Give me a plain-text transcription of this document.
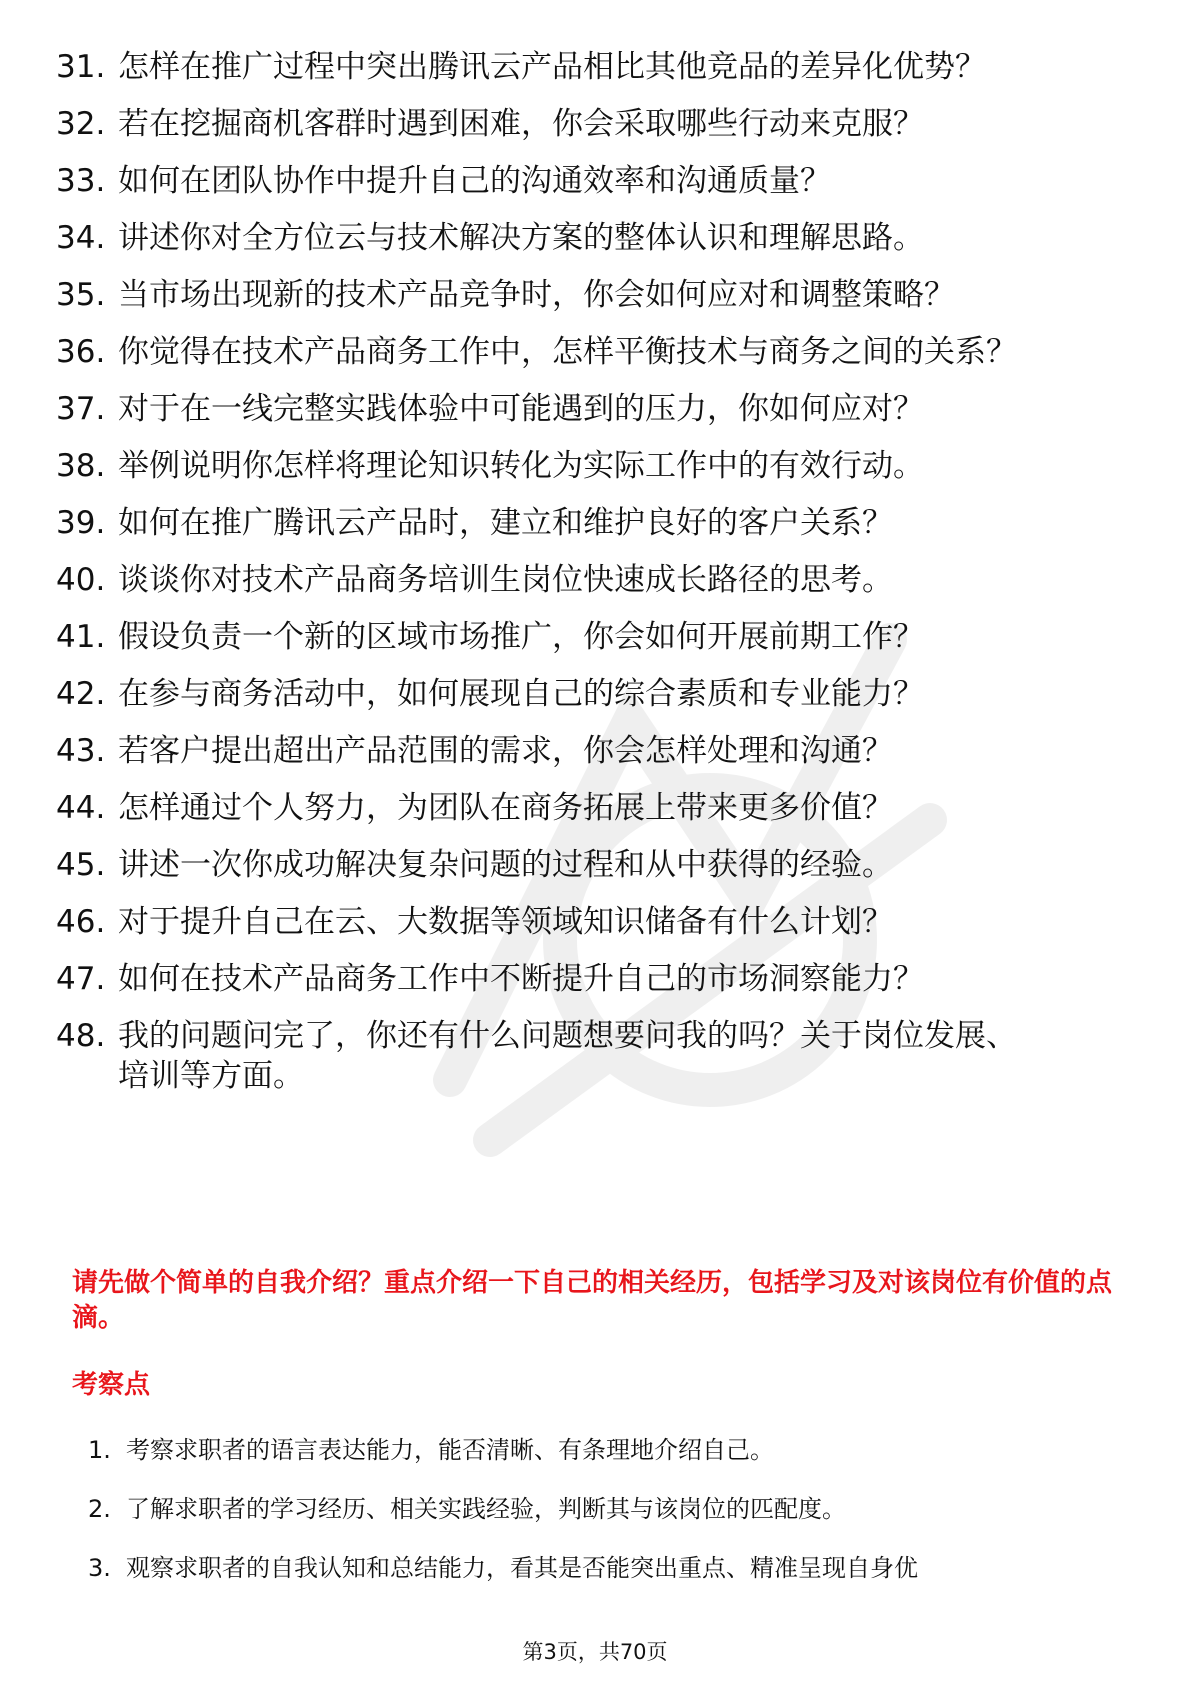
31. 怎样在推广过程中突出腾讯云产品相比其他竞品的差异化优势？
32. 若在挖掘商机客群时遇到困难，你会采取哪些行动来克服？
33. 如何在团队协作中提升自己的沟通效率和沟通质量？
34. 讲述你对全方位云与技术解决方案的整体认识和理解思路。
35. 当市场出现新的技术产品竞争时，你会如何应对和调整策略？
36. 你觉得在技术产品商务工作中，怎样平衡技术与商务之间的关系？
37. 对于在一线完整实践体验中可能遇到的压力，你如何应对？
38. 举例说明你怎样将理论知识转化为实际工作中的有效行动。
39. 如何在推广腾讯云产品时，建立和维护良好的客户关系？
40. 谈谈你对技术产品商务培训生岗位快速成长路径的思考。
41. 假设负责一个新的区域市场推广，你会如何开展前期工作？
42. 在参与商务活动中，如何展现自己的综合素质和专业能力？
43. 若客户提出超出产品范围的需求，你会怎样处理和沟通？
44. 怎样通过个人努力，为团队在商务拓展上带来更多价值？
45. 讲述一次你成功解决复杂问题的过程和从中获得的经验。
46. 对于提升自己在云、大数据等领域知识储备有什么计划？
47. 如何在技术产品商务工作中不断提升自己的市场洞察能力？
48. 我的问题问完了，你还有什么问题想要问我的吗？关于岗位发展、培训等方面。

请先做个简单的自我介绍？重点介绍一下自己的相关经历，包括学习及对该岗位有价值的点滴。

考察点

1. 考察求职者的语言表达能力，能否清晰、有条理地介绍自己。
2. 了解求职者的学习经历、相关实践经验，判断其与该岗位的匹配度。
3. 观察求职者的自我认知和总结能力，看其是否能突出重点、精准呈现自身优
第3页，共70页
